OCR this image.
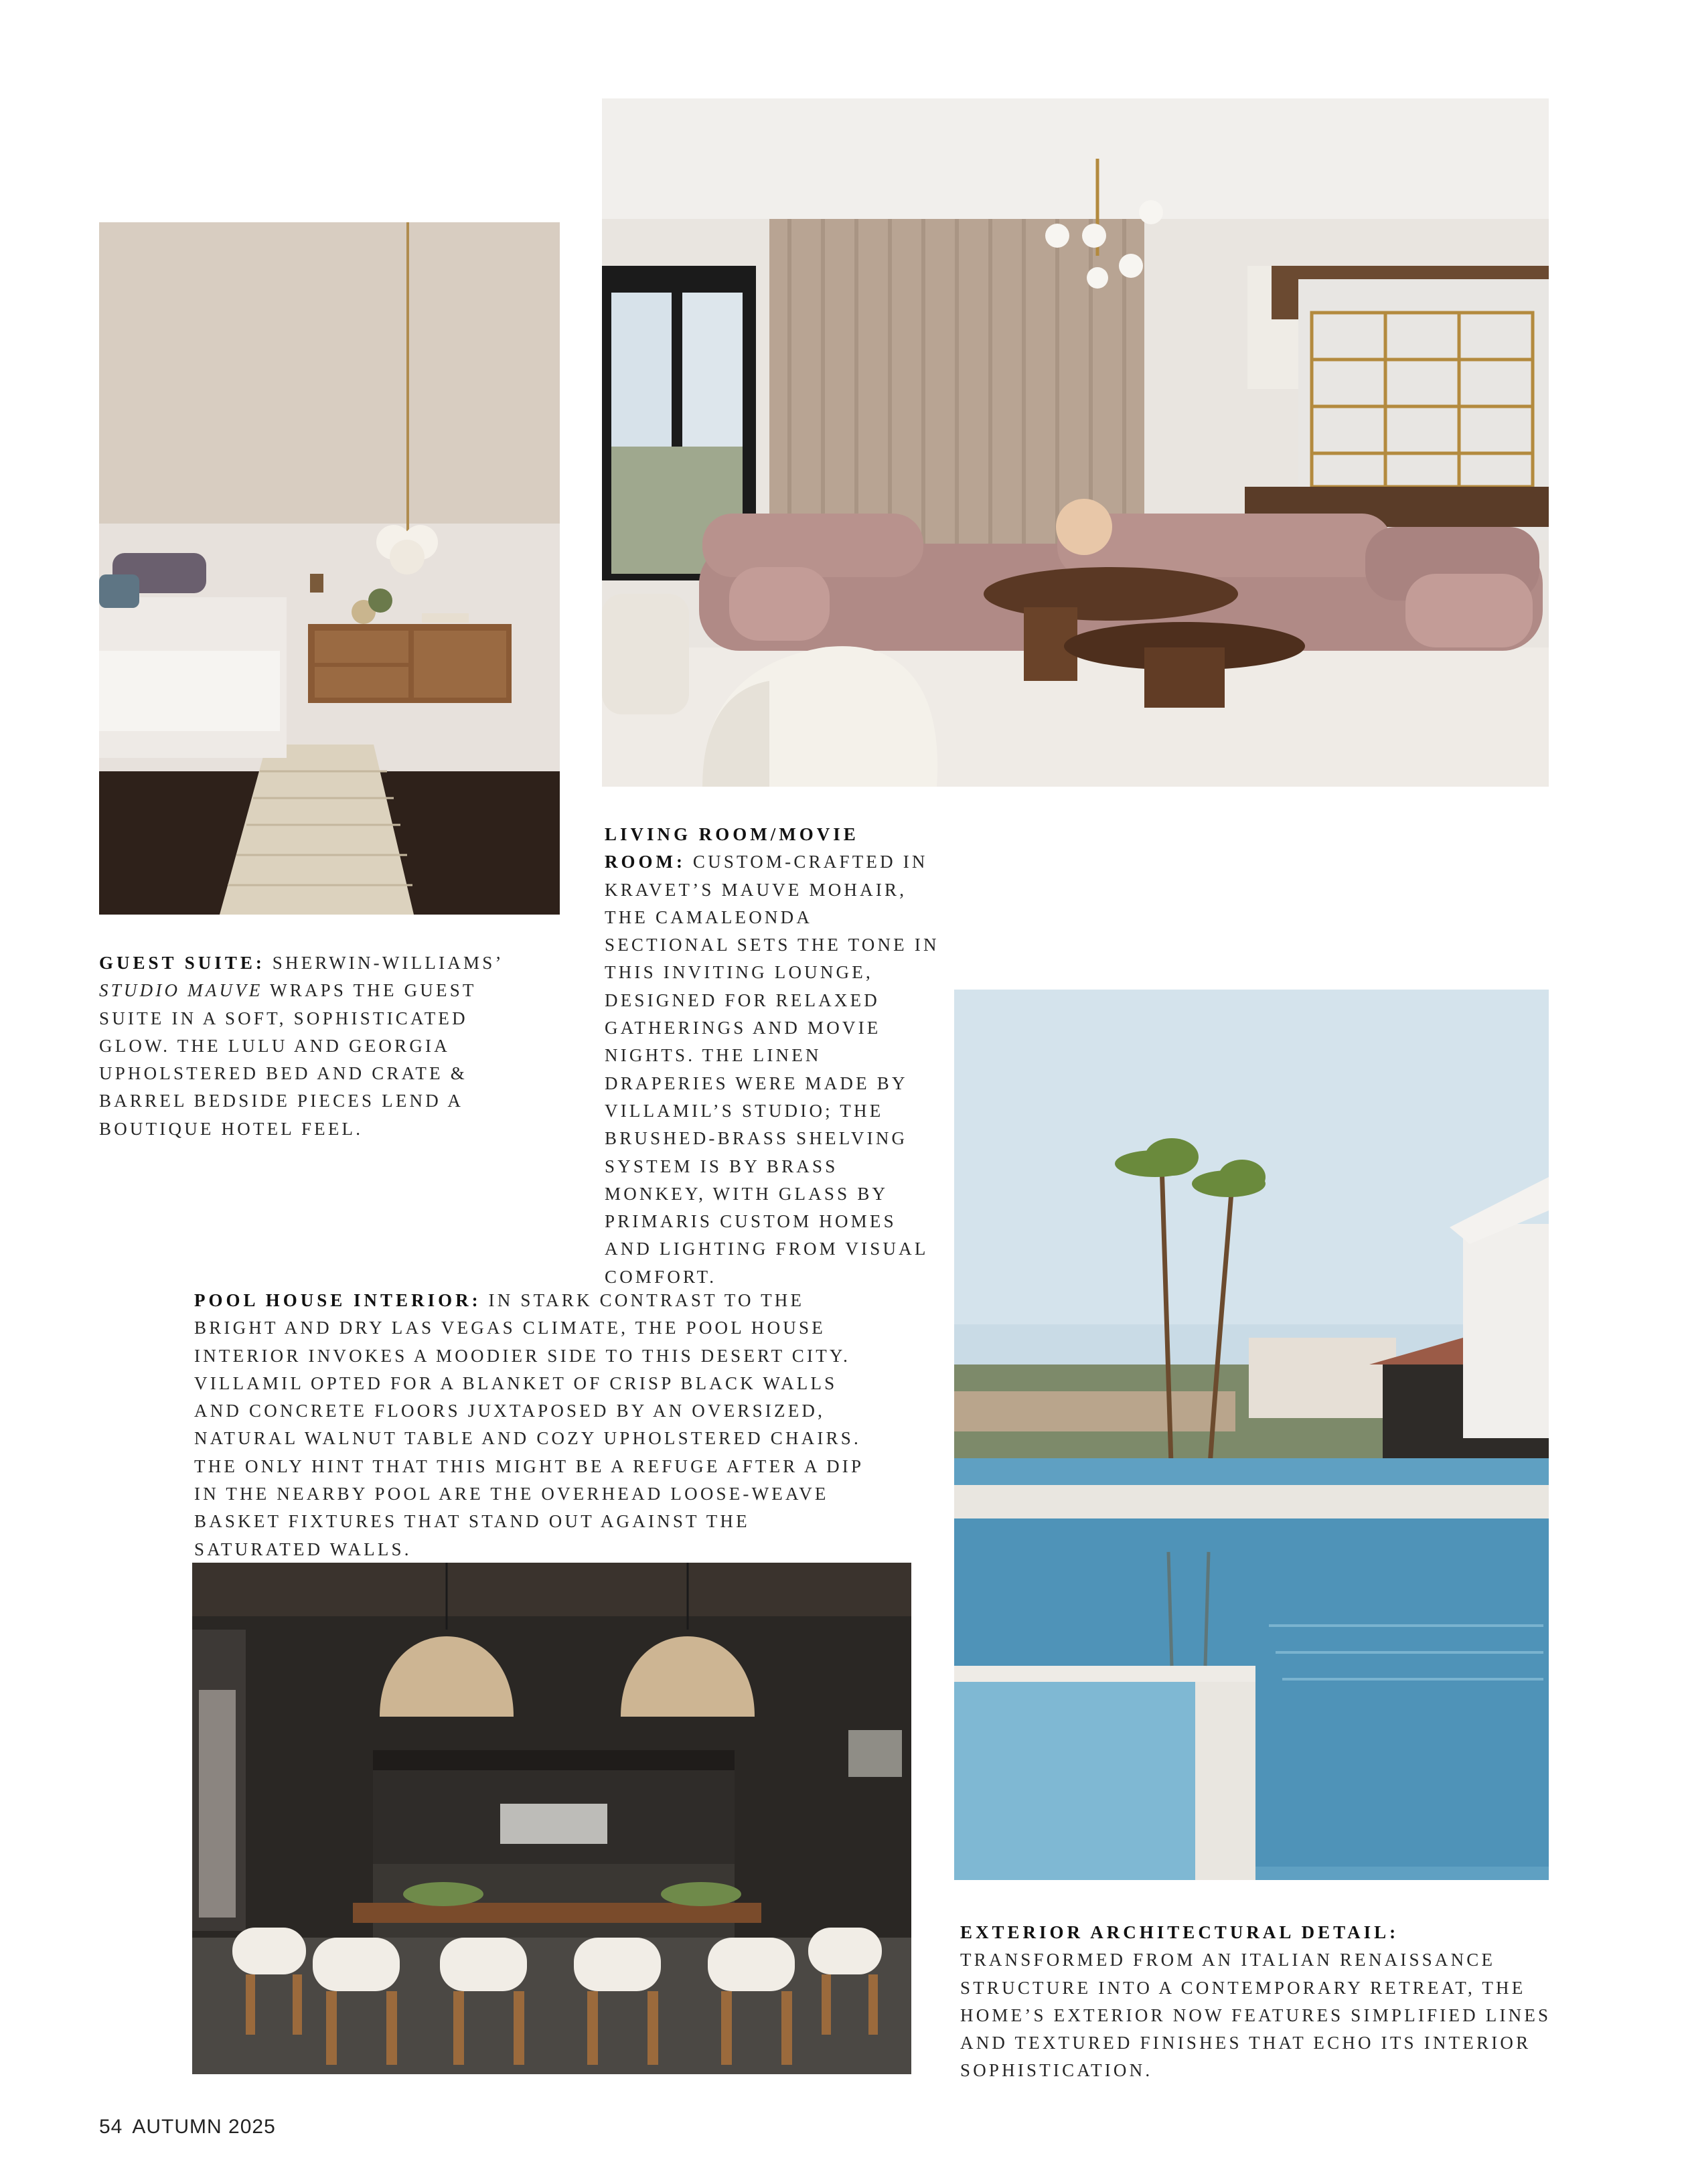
GUEST SUITE: SHERWIN-WILLIAMS’ STUDIO MAUVE WRAPS THE GUEST SUITE IN A SOFT, SOPHISTICATED GLOW. THE LULU AND GEORGIA UPHOLSTERED BED AND CRATE & BARREL BEDSIDE PIECES LEND A BOUTIQUE HOTEL FEEL.

LIVING ROOM/MOVIE ROOM: CUSTOM-CRAFTED IN KRAVET’S MAUVE MOHAIR, THE CAMALEONDA SECTIONAL SETS THE TONE IN THIS INVITING LOUNGE, DESIGNED FOR RELAXED GATHERINGS AND MOVIE NIGHTS. THE LINEN DRAPERIES WERE MADE BY VILLAMIL’S STUDIO; THE BRUSHED-BRASS SHELVING SYSTEM IS BY BRASS MONKEY, WITH GLASS BY PRIMARIS CUSTOM HOMES AND LIGHTING FROM VISUAL COMFORT.

POOL HOUSE INTERIOR: IN STARK CONTRAST TO THE BRIGHT AND DRY LAS VEGAS CLIMATE, THE POOL HOUSE INTERIOR INVOKES A MOODIER SIDE TO THIS DESERT CITY. VILLAMIL OPTED FOR A BLANKET OF CRISP BLACK WALLS AND CONCRETE FLOORS JUXTAPOSED BY AN OVERSIZED, NATURAL WALNUT TABLE AND COZY UPHOLSTERED CHAIRS. THE ONLY HINT THAT THIS MIGHT BE A REFUGE AFTER A DIP IN THE NEARBY POOL ARE THE OVERHEAD LOOSE-WEAVE BASKET FIXTURES THAT STAND OUT AGAINST THE SATURATED WALLS.

EXTERIOR ARCHITECTURAL DETAIL: TRANSFORMED FROM AN ITALIAN RENAISSANCE STRUCTURE INTO A CONTEMPORARY RETREAT, THE HOME’S EXTERIOR NOW FEATURES SIMPLIFIED LINES AND TEXTURED FINISHES THAT ECHO ITS INTERIOR SOPHISTICATION.

54 AUTUMN 2025
